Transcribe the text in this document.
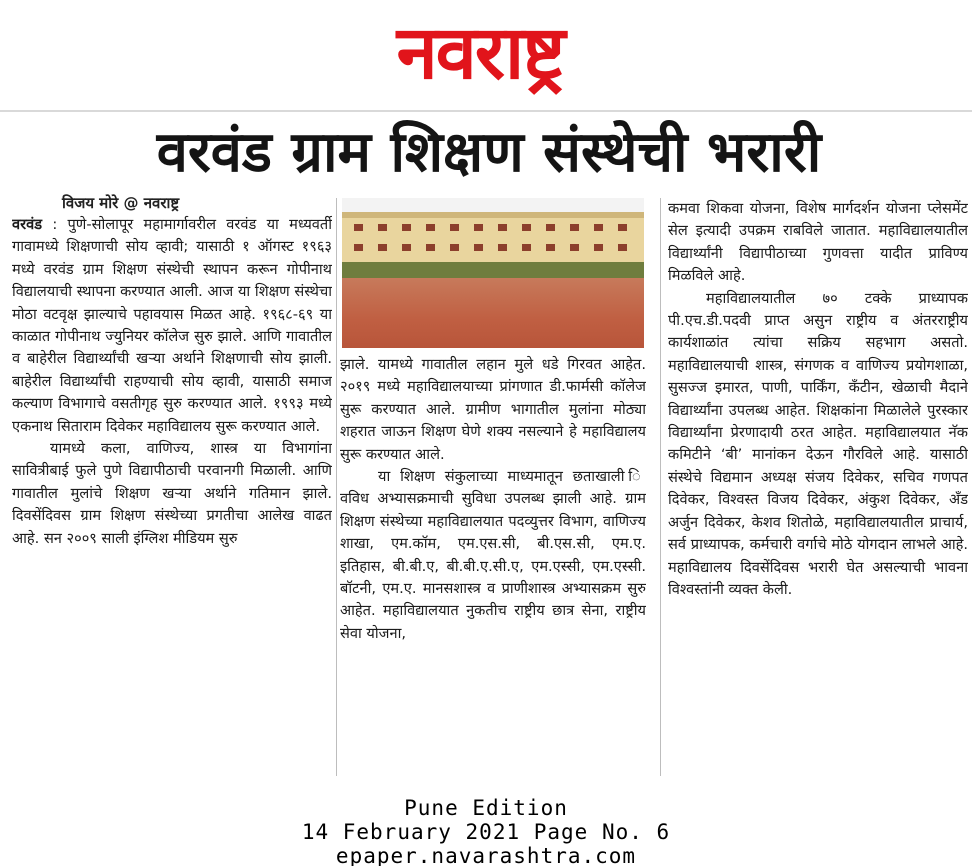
नवराष्ट्र
वरवंड ग्राम शिक्षण संस्थेची भरारी
विजय मोरे @ नवराष्ट्र

वरवंड : पुणे-सोलापूर महामार्गावरील वरवंड या मध्यवर्ती गावामध्ये शिक्षणाची सोय व्हावी; यासाठी १ ऑगस्ट १९६३ मध्ये वरवंड ग्राम शिक्षण संस्थेची स्थापन करून गोपीनाथ विद्यालयाची स्थापना करण्यात आली. आज या शिक्षण संस्थेचा मोठा वटवृक्ष झाल्याचे पहावयास मिळत आहे. १९६८-६९ या काळात गोपीनाथ ज्युनियर कॉलेज सुरु झाले. आणि गावातील व बाहेरील विद्यार्थ्यांची खऱ्या अर्थाने शिक्षणाची सोय झाली. बाहेरील विद्यार्थ्यांची राहण्याची सोय व्हावी, यासाठी समाज कल्याण विभागाचे वसतीगृह सुरु करण्यात आले. १९९३ मध्ये एकनाथ सिताराम दिवेकर महाविद्यालय सुरू करण्यात आले.

यामध्ये कला, वाणिज्य, शास्त्र या विभागांना सावित्रीबाई फुले पुणे विद्यापीठाची परवानगी मिळाली. आणि गावातील मुलांचे शिक्षण खऱ्या अर्थाने गतिमान झाले. दिवसेंदिवस ग्राम शिक्षण संस्थेच्या प्रगतीचा आलेख वाढत आहे. सन २००९ साली इंग्लिश मीडियम सुरु

झाले. यामध्ये गावातील लहान मुले धडे गिरवत आहेत. २०१९ मध्ये महाविद्यालयाच्या प्रांगणात डी.फार्मसी कॉलेज सुरू करण्यात आले. ग्रामीण भागातील मुलांना मोठ्या शहरात जाऊन शिक्षण घेणे शक्य नसल्याने हे महाविद्यालय सुरू करण्यात आले.

या शिक्षण संकुलाच्या माध्यमातून छताखाली ि वविध अभ्यासक्रमाची सुविधा उपलब्ध झाली आहे. ग्राम शिक्षण संस्थेच्या महाविद्यालयात पदव्युत्तर विभाग, वाणिज्य शाखा, एम.कॉम, एम.एस.सी, बी.एस.सी, एम.ए. इतिहास, बी.बी.ए, बी.बी.ए.सी.ए, एम.एस्सी, एम.एस्सी. बॉटनी, एम.ए. मानसशास्त्र व प्राणीशास्त्र अभ्यासक्रम सुरु आहेत. महाविद्यालयात नुकतीच राष्ट्रीय छात्र सेना, राष्ट्रीय सेवा योजना,

कमवा शिकवा योजना, विशेष मार्गदर्शन योजना प्लेसमेंट सेल इत्यादी उपक्रम राबविले जातात. महाविद्यालयातील विद्यार्थ्यांनी विद्यापीठाच्या गुणवत्ता यादीत प्राविण्य मिळविले आहे.

महाविद्यालयातील ७० टक्के प्राध्यापक पी.एच.डी.पदवी प्राप्त असुन राष्ट्रीय व अंतरराष्ट्रीय कार्यशाळांत त्यांचा सक्रिय सहभाग असतो. महाविद्यालयाची शास्त्र, संगणक व वाणिज्य प्रयोगशाळा, सुसज्ज इमारत, पाणी, पार्किंग, कँटीन, खेळाची मैदाने विद्यार्थ्यांना उपलब्ध आहेत. शिक्षकांना मिळालेले पुरस्कार विद्यार्थ्यांना प्रेरणादायी ठरत आहेत. महाविद्यालयात नॅक कमिटीने ‘बी’ मानांकन देऊन गौरविले आहे. यासाठी संस्थेचे विद्यमान अध्यक्ष संजय दिवेकर, सचिव गणपत दिवेकर, विश्वस्त विजय दिवेकर, अंकुश दिवेकर, अँड अर्जुन दिवेकर, केशव शितोळे, महाविद्यालयातील प्राचार्य, सर्व प्राध्यापक, कर्मचारी वर्गाचे मोठे योगदान लाभले आहे. महाविद्यालय दिवसेंदिवस भरारी घेत असल्याची भावना विश्वस्तांनी व्यक्त केली.

Pune Edition
14 February 2021 Page No. 6
epaper.navarashtra.com
